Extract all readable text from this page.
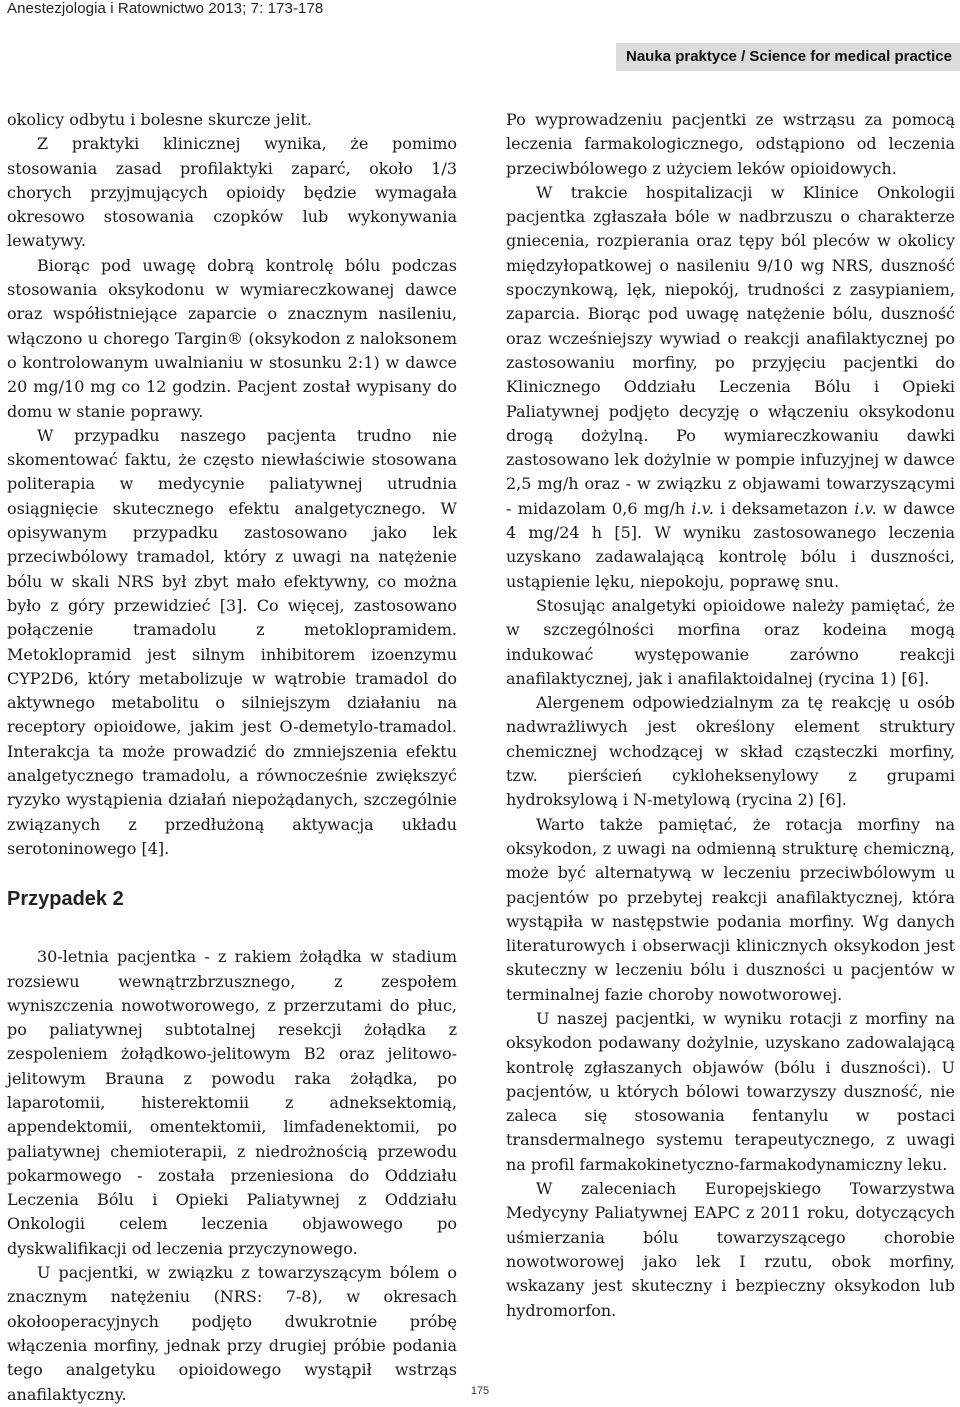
Anestezjologia i Ratownictwo 2013; 7: 173-178
Nauka praktyce / Science for medical practice

okolicy odbytu i bolesne skurcze jelit.

Z praktyki klinicznej wynika, że pomimo stosowania zasad profilaktyki zaparć, około 1/3 chorych przyjmujących opioidy będzie wymagała okresowo stosowania czopków lub wykonywania lewatywy.

Biorąc pod uwagę dobrą kontrolę bólu podczas stosowania oksykodonu w wymiareczkowanej dawce oraz współistniejące zaparcie o znacznym nasileniu, włączono u chorego Targin® (oksykodon z naloksonem o kontrolowanym uwalnianiu w stosunku 2:1) w dawce 20 mg/10 mg co 12 godzin. Pacjent został wypisany do domu w stanie poprawy.

W przypadku naszego pacjenta trudno nie skomentować faktu, że często niewłaściwie stosowana politerapia w medycynie paliatywnej utrudnia osiągnięcie skutecznego efektu analgetycznego. W opisywanym przypadku zastosowano jako lek przeciwbólowy tramadol, który z uwagi na natężenie bólu w skali NRS był zbyt mało efektywny, co można było z góry przewidzieć [3]. Co więcej, zastosowano połączenie tramadolu z metoklopramidem. Metoklopramid jest silnym inhibitorem izoenzymu CYP2D6, który metabolizuje w wątrobie tramadol do aktywnego metabolitu o silniejszym działaniu na receptory opioidowe, jakim jest O-demetylo-tramadol. Interakcja ta może prowadzić do zmniejszenia efektu analgetycznego tramadolu, a równocześnie zwiększyć ryzyko wystąpienia działań niepożądanych, szczególnie związanych z przedłużoną aktywacja układu serotoninowego [4].

Przypadek 2

30-letnia pacjentka - z rakiem żołądka w stadium rozsiewu wewnątrzbrzusznego, z zespołem wyniszczenia nowotworowego, z przerzutami do płuc, po paliatywnej subtotalnej resekcji żołądka z zespoleniem żołądkowo-jelitowym B2 oraz jelitowo-jelitowym Brauna z powodu raka żołądka, po laparotomii, histerektomii z adneksektomią, appendektomii, omentektomii, limfadenektomii, po paliatywnej chemioterapii, z niedrożnością przewodu pokarmowego - została przeniesiona do Oddziału Leczenia Bólu i Opieki Paliatywnej z Oddziału Onkologii celem leczenia objawowego po dyskwalifikacji od leczenia przyczynowego.

U pacjentki, w związku z towarzyszącym bólem o znacznym natężeniu (NRS: 7-8), w okresach okołooperacyjnych podjęto dwukrotnie próbę włączenia morfiny, jednak przy drugiej próbie podania tego analgetyku opioidowego wystąpił wstrząs anafilaktyczny.

Po wyprowadzeniu pacjentki ze wstrząsu za pomocą leczenia farmakologicznego, odstąpiono od leczenia przeciwbólowego z użyciem leków opioidowych.

W trakcie hospitalizacji w Klinice Onkologii pacjentka zgłaszała bóle w nadbrzuszu o charakterze gniecenia, rozpierania oraz tępy ból pleców w okolicy międzyłopatkowej o nasileniu 9/10 wg NRS, duszność spoczynkową, lęk, niepokój, trudności z zasypianiem, zaparcia. Biorąc pod uwagę natężenie bólu, duszność oraz wcześniejszy wywiad o reakcji anafilaktycznej po zastosowaniu morfiny, po przyjęciu pacjentki do Klinicznego Oddziału Leczenia Bólu i Opieki Paliatywnej podjęto decyzję o włączeniu oksykodonu drogą dożylną. Po wymiareczkowaniu dawki zastosowano lek dożylnie w pompie infuzyjnej w dawce 2,5 mg/h oraz - w związku z objawami towarzyszącymi - midazolam 0,6 mg/h i.v. i deksametazon i.v. w dawce 4 mg/24 h [5]. W wyniku zastosowanego leczenia uzyskano zadawalającą kontrolę bólu i duszności, ustąpienie lęku, niepokoju, poprawę snu.

Stosując analgetyki opioidowe należy pamiętać, że w szczególności morfina oraz kodeina mogą indukować występowanie zarówno reakcji anafilaktycznej, jak i anafilaktoidalnej (rycina 1) [6].

Alergenem odpowiedzialnym za tę reakcję u osób nadwrażliwych jest określony element struktury chemicznej wchodzącej w skład cząsteczki morfiny, tzw. pierścień cykloheksenylowy z grupami hydroksylową i N-metylową (rycina 2) [6].

Warto także pamiętać, że rotacja morfiny na oksykodon, z uwagi na odmienną strukturę chemiczną, może być alternatywą w leczeniu przeciwbólowym u pacjentów po przebytej reakcji anafilaktycznej, która wystąpiła w następstwie podania morfiny. Wg danych literaturowych i obserwacji klinicznych oksykodon jest skuteczny w leczeniu bólu i duszności u pacjentów w terminalnej fazie choroby nowotworowej.

U naszej pacjentki, w wyniku rotacji z morfiny na oksykodon podawany dożylnie, uzyskano zadowalającą kontrolę zgłaszanych objawów (bólu i duszności). U pacjentów, u których bólowi towarzyszy duszność, nie zaleca się stosowania fentanylu w postaci transdermalnego systemu terapeutycznego, z uwagi na profil farmakokinetyczno-farmakodynamiczny leku.

W zaleceniach Europejskiego Towarzystwa Medycyny Paliatywnej EAPC z 2011 roku, dotyczących uśmierzania bólu towarzyszącego chorobie nowotworowej jako lek I rzutu, obok morfiny, wskazany jest skuteczny i bezpieczny oksykodon lub hydromorfon.

175
